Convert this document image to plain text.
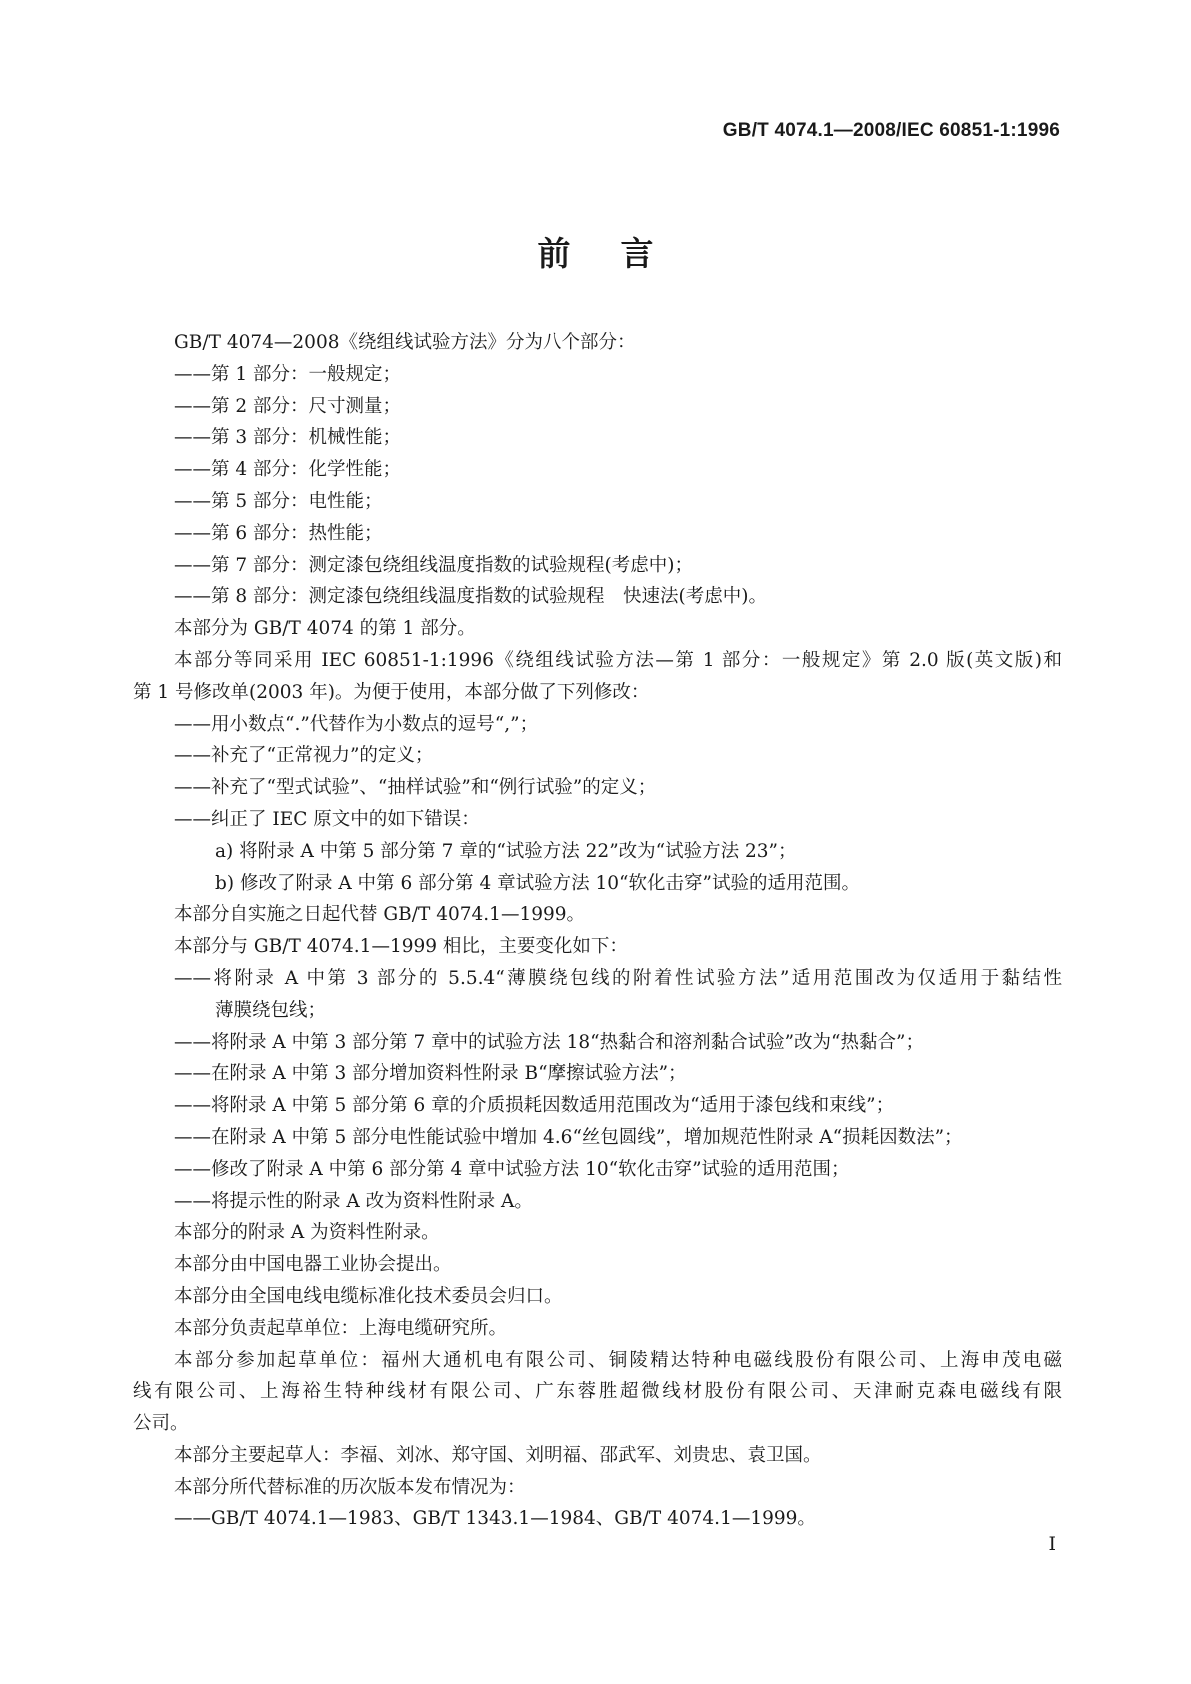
GB/T 4074.1—2008/IEC 60851-1:1996
前言
GB/T 4074—2008《绕组线试验方法》分为八个部分：
——第 1 部分：一般规定；
——第 2 部分：尺寸测量；
——第 3 部分：机械性能；
——第 4 部分：化学性能；
——第 5 部分：电性能；
——第 6 部分：热性能；
——第 7 部分：测定漆包绕组线温度指数的试验规程(考虑中)；
——第 8 部分：测定漆包绕组线温度指数的试验规程　快速法(考虑中)。
本部分为 GB/T 4074 的第 1 部分。
本部分等同采用 IEC 60851-1:1996《绕组线试验方法—第 1 部分：一般规定》第 2.0 版(英文版)和
第 1 号修改单(2003 年)。为便于使用，本部分做了下列修改：
——用小数点“.”代替作为小数点的逗号“,”；
——补充了“正常视力”的定义；
——补充了“型式试验”、“抽样试验”和“例行试验”的定义；
——纠正了 IEC 原文中的如下错误：
a) 将附录 A 中第 5 部分第 7 章的“试验方法 22”改为“试验方法 23”；
b) 修改了附录 A 中第 6 部分第 4 章试验方法 10“软化击穿”试验的适用范围。
本部分自实施之日起代替 GB/T 4074.1—1999。
本部分与 GB/T 4074.1—1999 相比，主要变化如下：
——将附录 A 中第 3 部分的 5.5.4“薄膜绕包线的附着性试验方法”适用范围改为仅适用于黏结性
薄膜绕包线；
——将附录 A 中第 3 部分第 7 章中的试验方法 18“热黏合和溶剂黏合试验”改为“热黏合”；
——在附录 A 中第 3 部分增加资料性附录 B“摩擦试验方法”；
——将附录 A 中第 5 部分第 6 章的介质损耗因数适用范围改为“适用于漆包线和束线”；
——在附录 A 中第 5 部分电性能试验中增加 4.6“丝包圆线”，增加规范性附录 A“损耗因数法”；
——修改了附录 A 中第 6 部分第 4 章中试验方法 10“软化击穿”试验的适用范围；
——将提示性的附录 A 改为资料性附录 A。
本部分的附录 A 为资料性附录。
本部分由中国电器工业协会提出。
本部分由全国电线电缆标准化技术委员会归口。
本部分负责起草单位：上海电缆研究所。
本部分参加起草单位：福州大通机电有限公司、铜陵精达特种电磁线股份有限公司、上海申茂电磁
线有限公司、上海裕生特种线材有限公司、广东蓉胜超微线材股份有限公司、天津耐克森电磁线有限
公司。
本部分主要起草人：李福、刘冰、郑守国、刘明福、邵武军、刘贵忠、袁卫国。
本部分所代替标准的历次版本发布情况为：
——GB/T 4074.1—1983、GB/T 1343.1—1984、GB/T 4074.1—1999。
I
